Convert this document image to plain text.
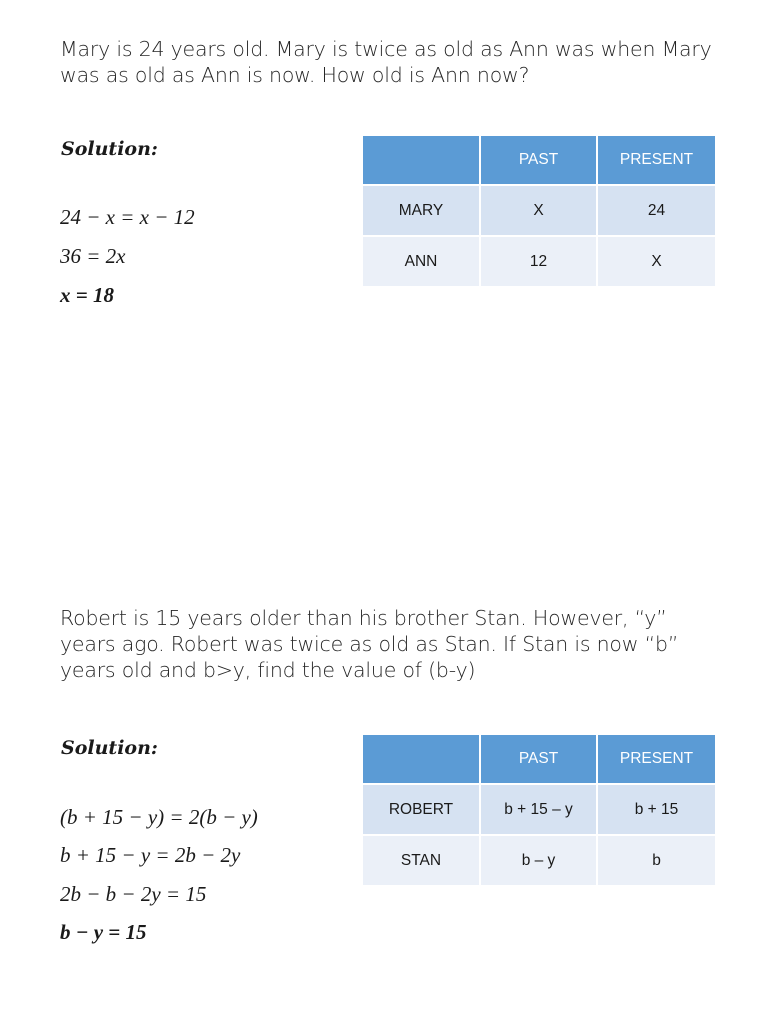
Mary is 24 years old. Mary is twice as old as Ann was when Mary was as old as Ann is now. How old is Ann now?
Solution:
24 − x = x − 12
36 = 2x
x = 18
	PAST	PRESENT
MARY	X	24
ANN	12	X
Robert is 15 years older than his brother Stan. However, “y” years ago. Robert was twice as old as Stan. If Stan is now “b” years old and b>y, find the value of (b-y)
Solution:
(b + 15 − y) = 2(b − y)
b + 15 − y = 2b − 2y
2b − b − 2y = 15
b − y = 15
	PAST	PRESENT
ROBERT	b + 15 – y	b + 15
STAN	b – y	b
